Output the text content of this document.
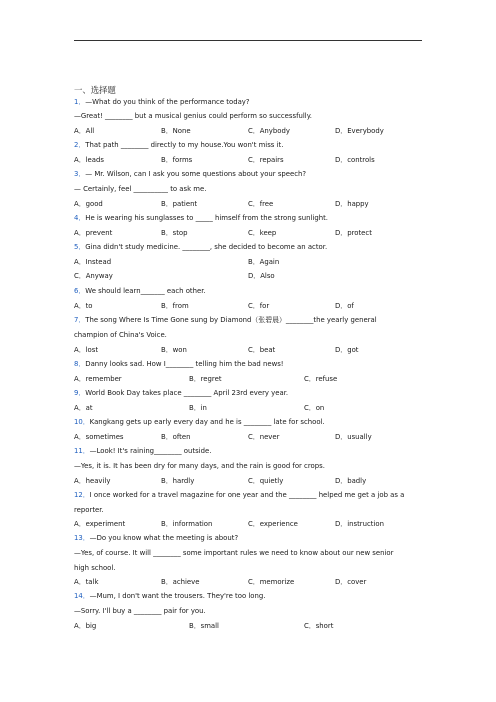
一、选择题
1．—What do you think of the performance today?
—Great! ________ but a musical genius could perform so successfully.
A．All	B．None	C．Anybody	D．Everybody
2．That path ________ directly to my house.You won't miss it.
A．leads	B．forms	C．repairs	D．controls
3．— Mr. Wilson, can I ask you some questions about your speech?
— Certainly, feel __________ to ask me.
A．good	B．patient	C．free	D．happy
4．He is wearing his sunglasses to _____ himself from the strong sunlight.
A．prevent	B．stop	C．keep	D．protect
5．Gina didn't study medicine. ________, she decided to become an actor.
A．Instead	B．Again
C．Anyway	D．Also
6．We should learn_______ each other.
A．to	B．from	C．for	D．of
7．The song Where Is Time Gone sung by Diamond（张碧晨）________the yearly general
champion of China's Voice.
A．lost	B．won	C．beat	D．got
8．Danny looks sad. How I________ telling him the bad news!
A．remember	B．regret	C．refuse
9．World Book Day takes place ________ April 23rd every year.
A．at	B．in	C．on
10．Kangkang gets up early every day and he is ________ late for school.
A．sometimes	B．often	C．never	D．usually
11．—Look! It's raining________ outside.
—Yes, it is. It has been dry for many days, and the rain is good for crops.
A．heavily	B．hardly	C．quietly	D．badly
12．I once worked for a travel magazine for one year and the ________ helped me get a job as a
reporter.
A．experiment	B．information	C．experience	D．instruction
13．—Do you know what the meeting is about?
—Yes, of course. It will ________ some important rules we need to know about our new senior
high school.
A．talk	B．achieve	C．memorize	D．cover
14．—Mum, I don't want the trousers. They're too long.
—Sorry. I'll buy a ________ pair for you.
A．big	B．small	C．short
